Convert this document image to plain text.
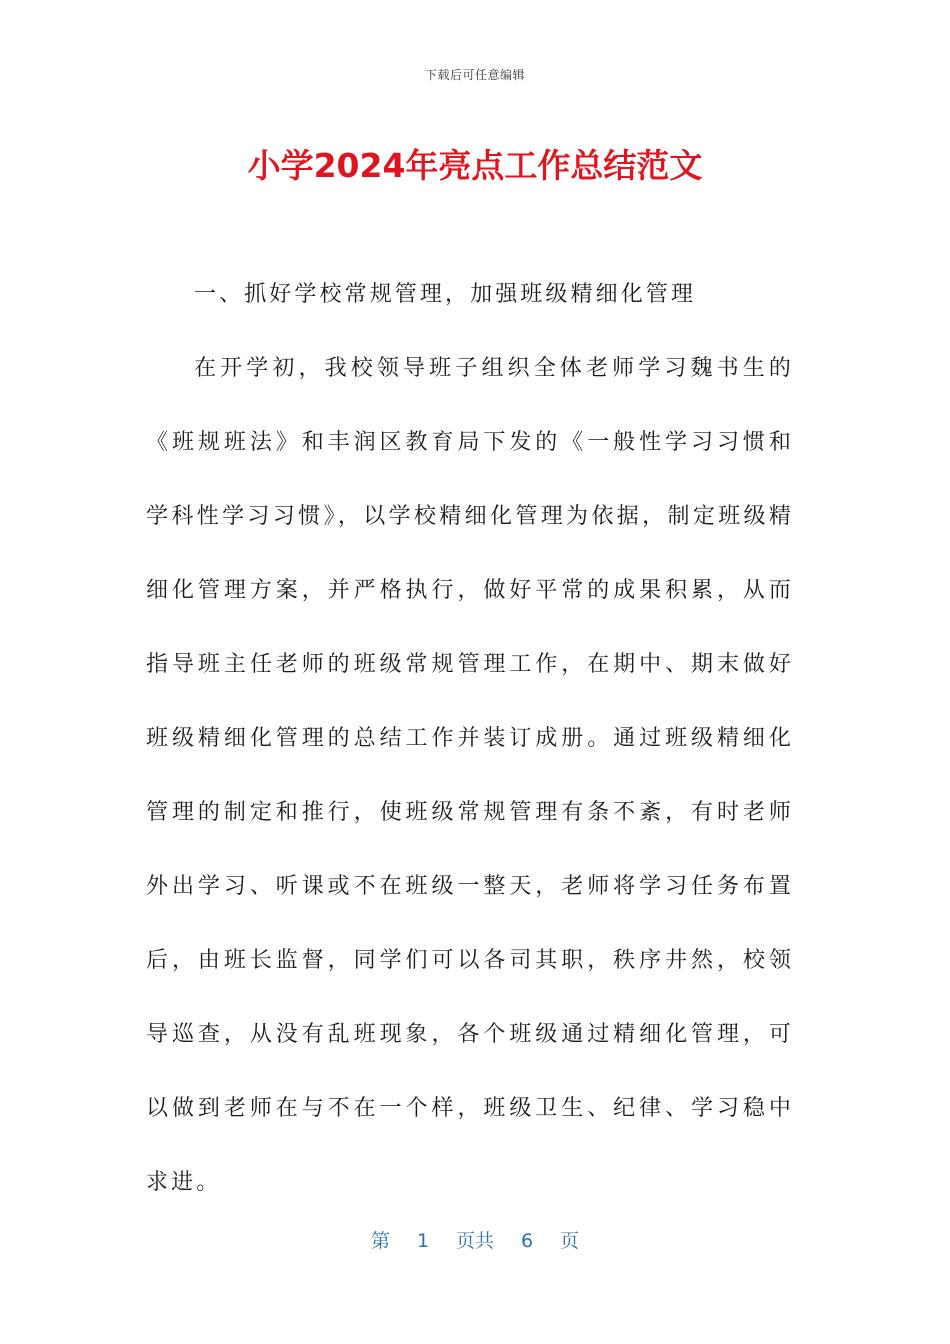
下载后可任意编辑
小学2024年亮点工作总结范文

一、抓好学校常规管理，加强班级精细化管理

在开学初，我校领导班子组织全体老师学习魏书生的《班规班法》和丰润区教育局下发的《一般性学习习惯和学科性学习习惯》，以学校精细化管理为依据，制定班级精细化管理方案，并严格执行，做好平常的成果积累，从而指导班主任老师的班级常规管理工作，在期中、期末做好班级精细化管理的总结工作并装订成册。通过班级精细化管理的制定和推行，使班级常规管理有条不紊，有时老师外出学习、听课或不在班级一整天，老师将学习任务布置后，由班长监督，同学们可以各司其职，秩序井然，校领导巡查，从没有乱班现象，各个班级通过精细化管理，可以做到老师在与不在一个样，班级卫生、纪律、学习稳中求进。

第 1 页共 6 页
